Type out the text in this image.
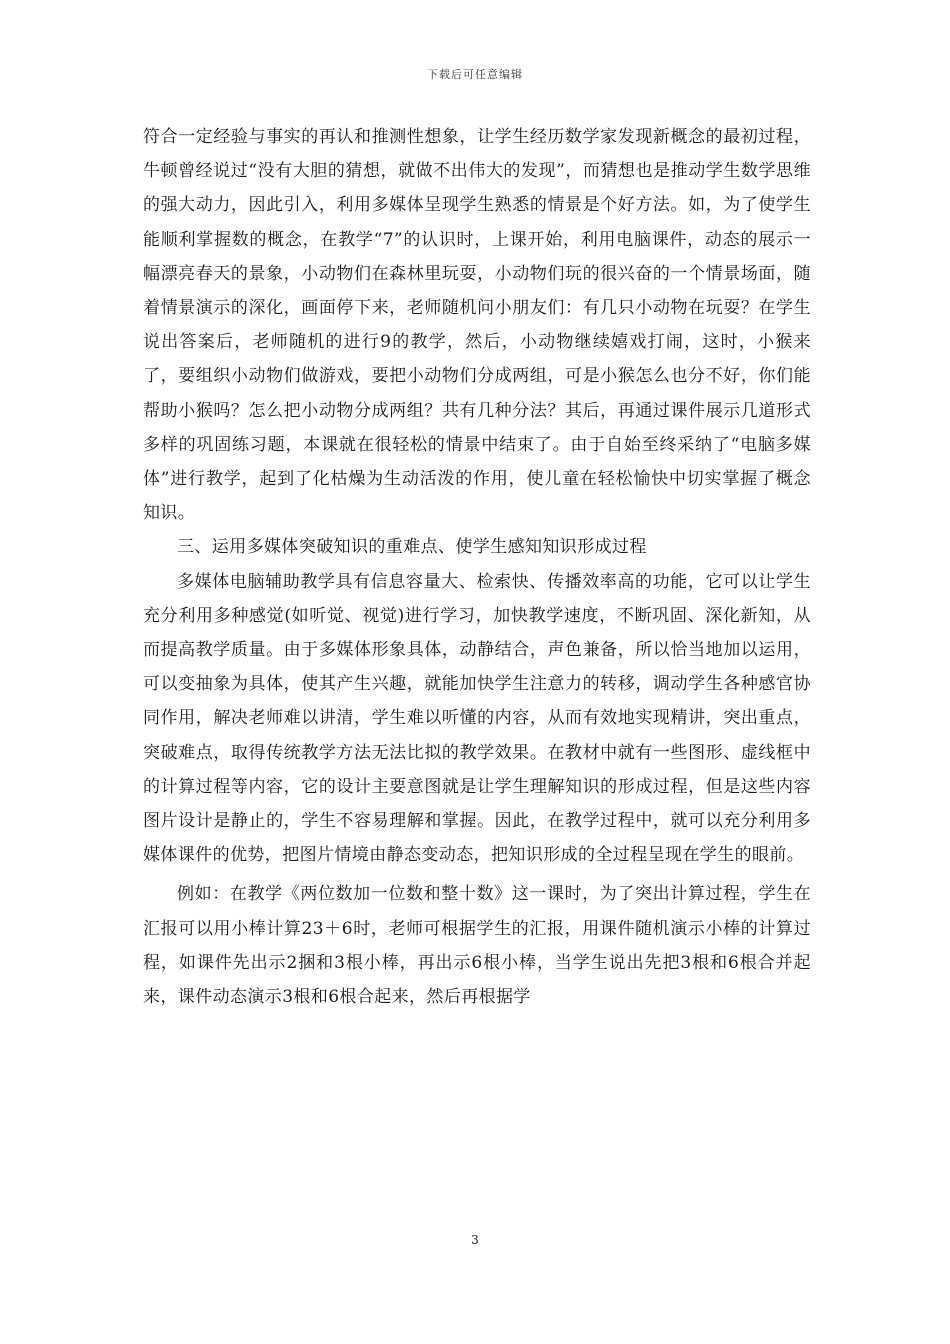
下载后可任意编辑

符合一定经验与事实的再认和推测性想象，让学生经历数学家发现新概念的最初过程，牛顿曾经说过“没有大胆的猜想，就做不出伟大的发现”，而猜想也是推动学生数学思维的强大动力，因此引入，利用多媒体呈现学生熟悉的情景是个好方法。如，为了使学生能顺利掌握数的概念，在教学“7”的认识时，上课开始，利用电脑课件，动态的展示一幅漂亮春天的景象，小动物们在森林里玩耍，小动物们玩的很兴奋的一个情景场面，随着情景演示的深化，画面停下来，老师随机问小朋友们：有几只小动物在玩耍？在学生说出答案后，老师随机的进行9的教学，然后，小动物继续嬉戏打闹，这时，小猴来了，要组织小动物们做游戏，要把小动物们分成两组，可是小猴怎么也分不好，你们能帮助小猴吗？怎么把小动物分成两组？共有几种分法？其后，再通过课件展示几道形式多样的巩固练习题，本课就在很轻松的情景中结束了。由于自始至终采纳了“电脑多媒体”进行教学，起到了化枯燥为生动活泼的作用，使儿童在轻松愉快中切实掌握了概念知识。

三、运用多媒体突破知识的重难点、使学生感知知识形成过程

多媒体电脑辅助教学具有信息容量大、检索快、传播效率高的功能，它可以让学生充分利用多种感觉(如听觉、视觉)进行学习，加快教学速度，不断巩固、深化新知，从而提高教学质量。由于多媒体形象具体，动静结合，声色兼备，所以恰当地加以运用，可以变抽象为具体，使其产生兴趣，就能加快学生注意力的转移，调动学生各种感官协同作用，解决老师难以讲清，学生难以听懂的内容，从而有效地实现精讲，突出重点，突破难点，取得传统教学方法无法比拟的教学效果。在教材中就有一些图形、虚线框中的计算过程等内容，它的设计主要意图就是让学生理解知识的形成过程，但是这些内容图片设计是静止的，学生不容易理解和掌握。因此，在教学过程中，就可以充分利用多媒体课件的优势，把图片情境由静态变动态，把知识形成的全过程呈现在学生的眼前。

例如：在教学《两位数加一位数和整十数》这一课时，为了突出计算过程，学生在汇报可以用小棒计算23＋6时，老师可根据学生的汇报，用课件随机演示小棒的计算过程，如课件先出示2捆和3根小棒，再出示6根小棒，当学生说出先把3根和6根合并起来，课件动态演示3根和6根合起来，然后再根据学

3
